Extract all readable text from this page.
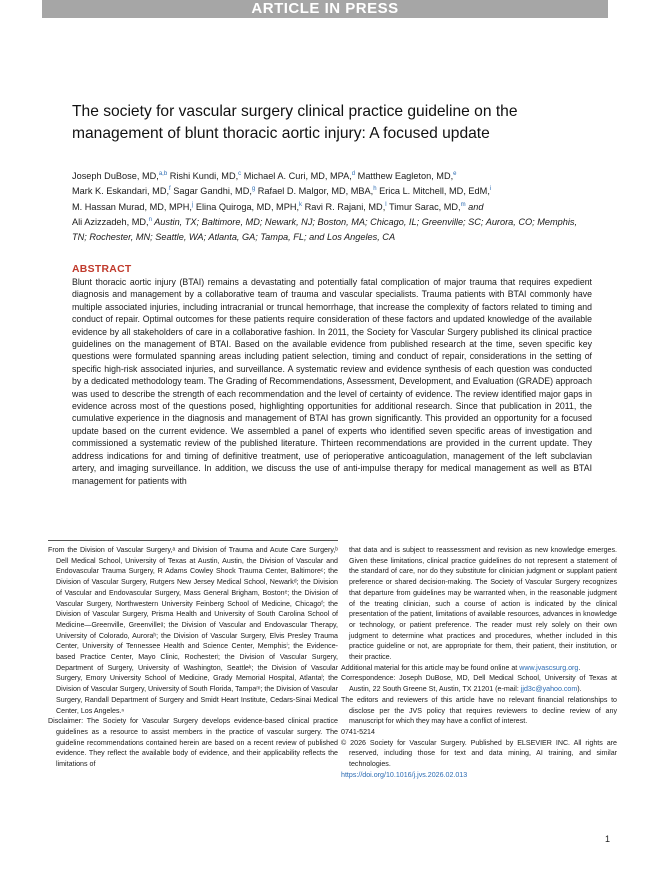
ARTICLE IN PRESS
The society for vascular surgery clinical practice guideline on the management of blunt thoracic aortic injury: A focused update
Joseph DuBose, MD,$^{a,b}$ Rishi Kundi, MD,$^c$ Michael A. Curi, MD, MPA,$^d$ Matthew Eagleton, MD,$^e$
Mark K. Eskandari, MD,$^f$ Sagar Gandhi, MD,$^g$ Rafael D. Malgor, MD, MBA,$^h$ Erica L. Mitchell, MD, EdM,$^i$
M. Hassan Murad, MD, MPH,$^j$ Elina Quiroga, MD, MPH,$^k$ Ravi R. Rajani, MD,$^l$ Timur Sarac, MD,$^m$ and
Ali Azizzadeh, MD,$^n$ Austin, TX; Baltimore, MD; Newark, NJ; Boston, MA; Chicago, IL; Greenville; SC; Aurora, CO; Memphis, TN; Rochester, MN; Seattle, WA; Atlanta, GA; Tampa, FL; and Los Angeles, CA
ABSTRACT

Blunt thoracic aortic injury (BTAI) remains a devastating and potentially fatal complication of major trauma that requires expedient diagnosis and management by a collaborative team of trauma and vascular specialists. Trauma patients with BTAI commonly have multiple associated injuries, including intracranial or truncal hemorrhage, that increase the complexity of factors related to timing and conduct of repair. Optimal outcomes for these patients require consideration of these factors and updated knowledge of the available evidence by all stakeholders of care in a collaborative fashion. In 2011, the Society for Vascular Surgery published its clinical practice guidelines on the management of BTAI. Based on the available evidence from published research at the time, seven specific key questions were formulated spanning areas including patient selection, timing and conduct of repair, considerations in the setting of specific high-risk associated injuries, and surveillance. A systematic review and evidence synthesis of each question was conducted by a dedicated methodology team. The Grading of Recommendations, Assessment, Development, and Evaluation (GRADE) approach was used to describe the strength of each recommendation and the level of certainty of evidence. The review identified major gaps in evidence across most of the questions posed, highlighting opportunities for additional research. Since that publication in 2011, the cumulative experience in the diagnosis and management of BTAI has grown significantly. This provided an opportunity for a focused update based on the current evidence. We assembled a panel of experts who identified seven specific areas of investigation and commissioned a systematic review of the published literature. Thirteen recommendations are provided in the current update. They address indications for and timing of definitive treatment, use of perioperative anticoagulation, management of the left subclavian artery, and imaging surveillance. In addition, we discuss the use of anti-impulse therapy for medical management as well as BTAI management for patients with

From the Division of Vascular Surgery,ᵃ and Division of Trauma and Acute Care Surgery,ᵇ Dell Medical School, University of Texas at Austin, Austin, the Division of Vascular and Endovascular Trauma Surgery, R Adams Cowley Shock Trauma Center, Baltimoreᶜ; the Division of Vascular Surgery, Rutgers New Jersey Medical School, Newarkᵈ; the Division of Vascular and Endovascular Surgery, Mass General Brigham, Bostonᵉ; the Division of Vascular Surgery, Northwestern University Feinberg School of Medicine, Chicagoᶠ; the Division of Vascular Surgery, Prisma Health and University of South Carolina School of Medicine—Greenville, Greenvilleᵍ; the Division of Vascular and Endovascular Therapy, University of Colorado, Auroraʰ; the Division of Vascular Surgery, Elvis Presley Trauma Center, University of Tennessee Health and Science Center, Memphisⁱ; the Evidence-based Practice Center, Mayo Clinic, Rochesterʲ; the Division of Vascular Surgery, Department of Surgery, University of Washington, Seattleᵏ; the Division of Vascular Surgery, Emory University School of Medicine, Grady Memorial Hospital, Atlantaˡ; the Division of Vascular Surgery, University of South Florida, Tampaᵐ; the Division of Vascular Surgery, Randall Department of Surgery and Smidt Heart Institute, Cedars-Sinai Medical Center, Los Angeles.ⁿ

Disclaimer: The Society for Vascular Surgery develops evidence-based clinical practice guidelines as a resource to assist members in the practice of vascular surgery. The guideline recommendations contained herein are based on a recent review of published evidence. They reflect the available body of evidence, and their applicability reflects the limitations of

that data and is subject to reassessment and revision as new knowledge emerges. Given these limitations, clinical practice guidelines do not represent a statement of the standard of care, nor do they substitute for clinician judgment or supplant patient preference or shared decision-making. The Society of Vascular Surgery recognizes that departure from guidelines may be warranted when, in the reasonable judgment of the treating clinician, such a course of action is indicated by the clinical presentation of the patient, limitations of available resources, advances in knowledge or technology, or patient preference. The reader must rely solely on their own judgment to determine what practices and procedures, whether included in this practice guideline or not, are appropriate for them, their patient, their institution, or their practice.

Additional material for this article may be found online at www.jvascsurg.org.

Correspondence: Joseph DuBose, MD, Dell Medical School, University of Texas at Austin, 22 South Greene St, Austin, TX 21201 (e-mail: jjd3c@yahoo.com).

The editors and reviewers of this article have no relevant financial relationships to disclose per the JVS policy that requires reviewers to decline review of any manuscript for which they may have a conflict of interest.

0741-5214

© 2026 Society for Vascular Surgery. Published by ELSEVIER INC. All rights are reserved, including those for text and data mining, AI training, and similar technologies.

https://doi.org/10.1016/j.jvs.2026.02.013

1
